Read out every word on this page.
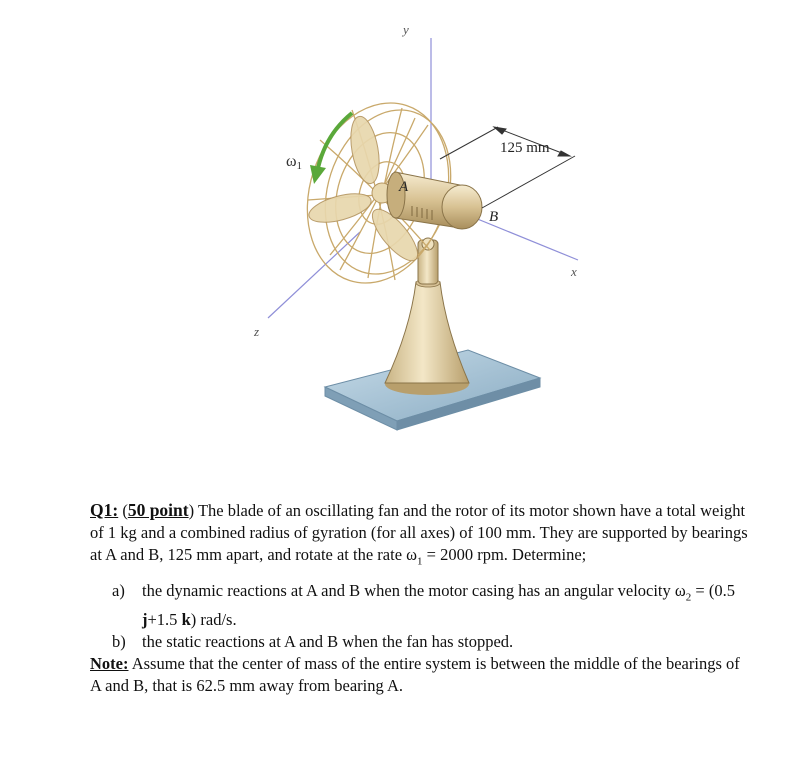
y
x
z
125 mm
A
B
ω1

Q1: (50 point) The blade of an oscillating fan and the rotor of its motor shown have a total weight of 1 kg and a combined radius of gyration (for all axes) of 100 mm. They are supported by bearings at A and B, 125 mm apart, and rotate at the rate $\omega_1 = 2000$ rpm. Determine;

a)	the dynamic reactions at A and B when the motor casing has an angular velocity $\omega_2 = (0.5$ j+1.5 k) rad/s.
b) the static reactions at A and B when the fan has stopped.

Note: Assume that the center of mass of the entire system is between the middle of the bearings of A and B, that is 62.5 mm away from bearing A.
